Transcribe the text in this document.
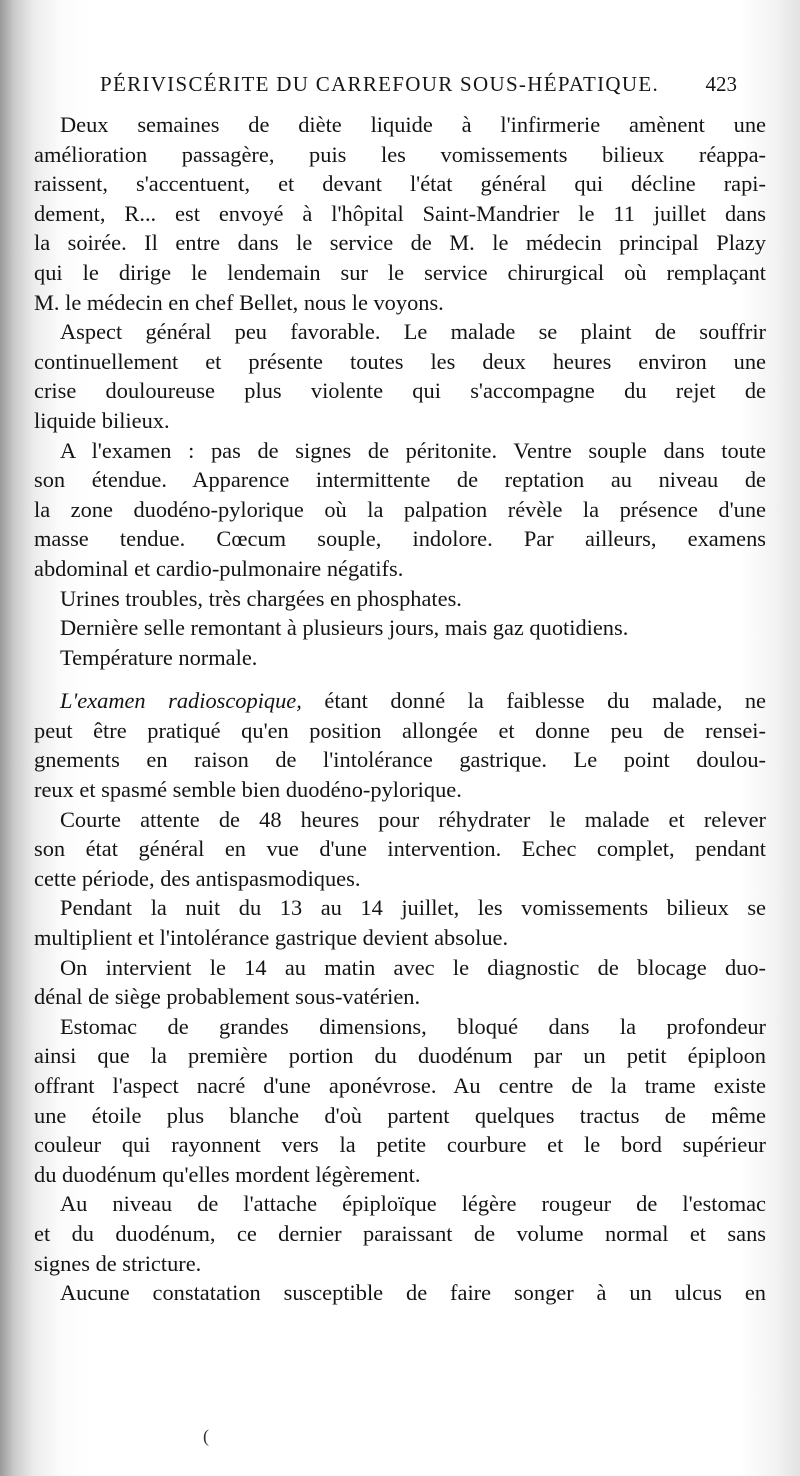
PÉRIVISCÉRITE DU CARREFOUR SOUS-HÉPATIQUE. 423
Deux semaines de diète liquide à l'infirmerie amènent une
amélioration passagère, puis les vomissements bilieux réappa-
raissent, s'accentuent, et devant l'état général qui décline rapi-
dement, R... est envoyé à l'hôpital Saint-Mandrier le 11 juillet dans
la soirée. Il entre dans le service de M. le médecin principal Plazy
qui le dirige le lendemain sur le service chirurgical où remplaçant
M. le médecin en chef Bellet, nous le voyons.
Aspect général peu favorable. Le malade se plaint de souffrir
continuellement et présente toutes les deux heures environ une
crise douloureuse plus violente qui s'accompagne du rejet de
liquide bilieux.
A l'examen : pas de signes de péritonite. Ventre souple dans toute
son étendue. Apparence intermittente de reptation au niveau de
la zone duodéno-pylorique où la palpation révèle la présence d'une
masse tendue. Cœcum souple, indolore. Par ailleurs, examens
abdominal et cardio-pulmonaire négatifs.
Urines troubles, très chargées en phosphates.
Dernière selle remontant à plusieurs jours, mais gaz quotidiens.
Température normale.
L'examen radioscopique, étant donné la faiblesse du malade, ne
peut être pratiqué qu'en position allongée et donne peu de rensei-
gnements en raison de l'intolérance gastrique. Le point doulou-
reux et spasmé semble bien duodéno-pylorique.
Courte attente de 48 heures pour réhydrater le malade et relever
son état général en vue d'une intervention. Echec complet, pendant
cette période, des antispasmodiques.
Pendant la nuit du 13 au 14 juillet, les vomissements bilieux se
multiplient et l'intolérance gastrique devient absolue.
On intervient le 14 au matin avec le diagnostic de blocage duo-
dénal de siège probablement sous-vatérien.
Estomac de grandes dimensions, bloqué dans la profondeur
ainsi que la première portion du duodénum par un petit épiploon
offrant l'aspect nacré d'une aponévrose. Au centre de la trame existe
une étoile plus blanche d'où partent quelques tractus de même
couleur qui rayonnent vers la petite courbure et le bord supérieur
du duodénum qu'elles mordent légèrement.
Au niveau de l'attache épiploïque légère rougeur de l'estomac
et du duodénum, ce dernier paraissant de volume normal et sans
signes de stricture.
Aucune constatation susceptible de faire songer à un ulcus en
(
